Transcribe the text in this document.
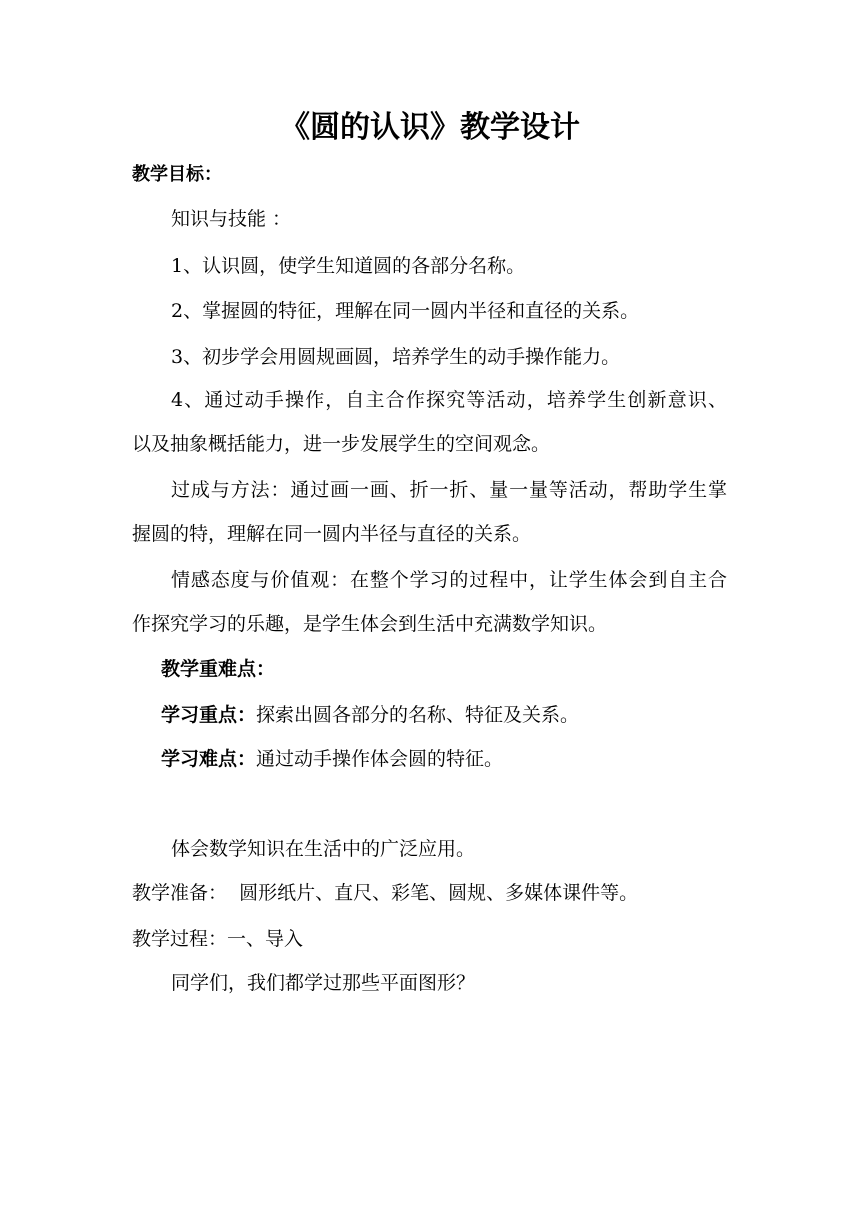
《圆的认识》教学设计
教学目标：
知识与技能 ：
1、认识圆，使学生知道圆的各部分名称。
2、掌握圆的特征，理解在同一圆内半径和直径的关系。
3、初步学会用圆规画圆，培养学生的动手操作能力。
4、通过动手操作，自主合作探究等活动，培养学生创新意识、
以及抽象概括能力，进一步发展学生的空间观念。
过成与方法：通过画一画、折一折、量一量等活动，帮助学生掌
握圆的特，理解在同一圆内半径与直径的关系。
情感态度与价值观：在整个学习的过程中，让学生体会到自主合
作探究学习的乐趣，是学生体会到生活中充满数学知识。
教学重难点：
学习重点：探索出圆各部分的名称、特征及关系。
学习难点：通过动手操作体会圆的特征。
体会数学知识在生活中的广泛应用。
教学准备：  圆形纸片、直尺、彩笔、圆规、多媒体课件等。
教学过程：一、导入
同学们，我们都学过那些平面图形？
